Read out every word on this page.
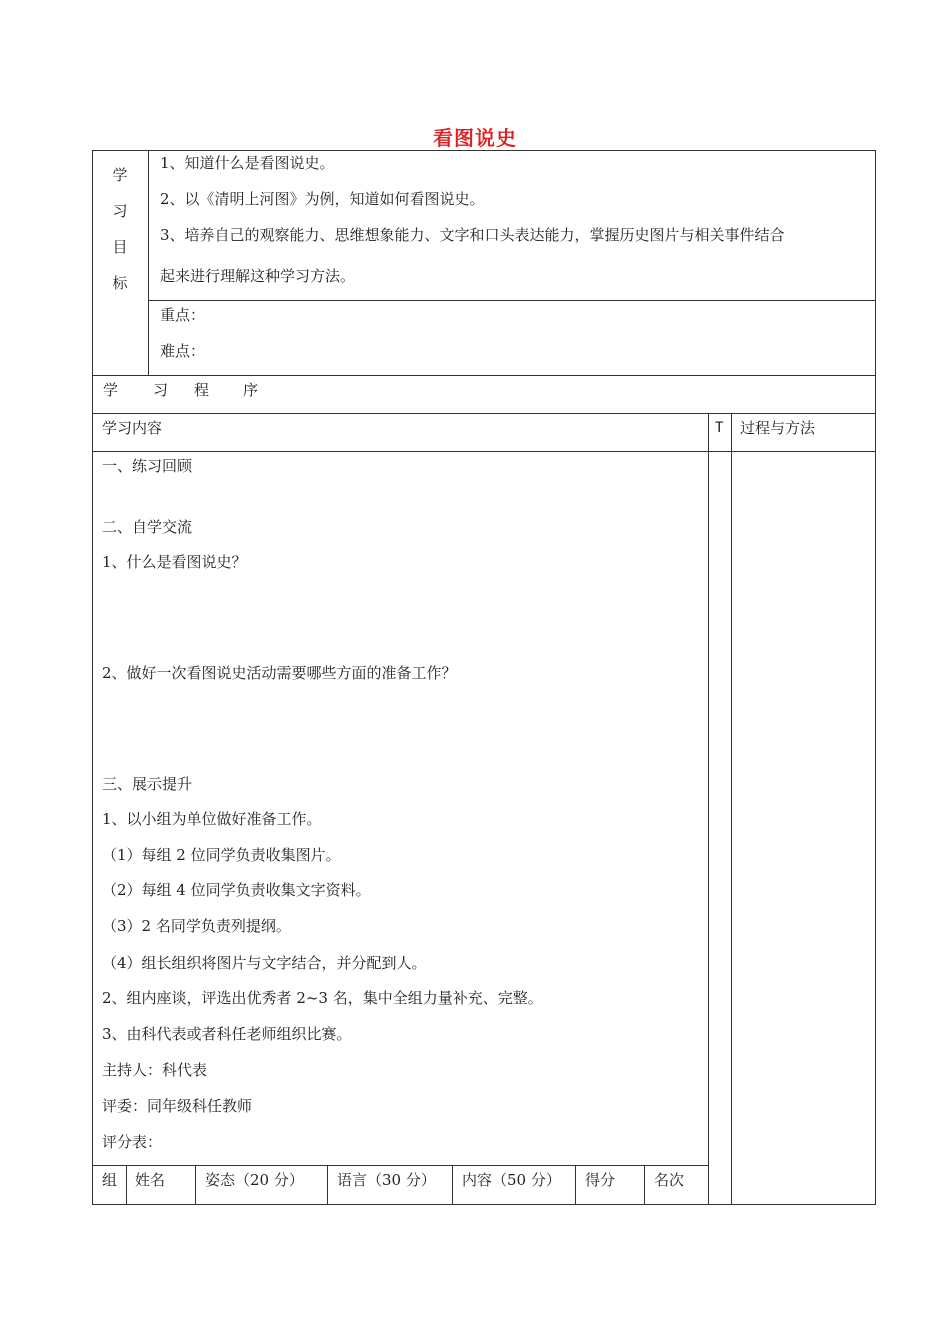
看图说史
学
习
目
标
1、知道什么是看图说史。
2、以《清明上河图》为例，知道如何看图说史。
3、培养自己的观察能力、思维想象能力、文字和口头表达能力，掌握历史图片与相关事件结合
起来进行理解这种学习方法。
重点：
难点：
学 习 程 序
学习内容	T 过程与方法
一、练习回顾
二、自学交流
1、什么是看图说史？
2、做好一次看图说史活动需要哪些方面的准备工作？
三、展示提升
1、以小组为单位做好准备工作。
（1）每组 2 位同学负责收集图片。
（2）每组 4 位同学负责收集文字资料。
（3）2 名同学负责列提纲。
（4）组长组织将图片与文字结合，并分配到人。
2、组内座谈，评选出优秀者 2~3 名，集中全组力量补充、完整。
3、由科代表或者科任老师组织比赛。
主持人：科代表
评委：同年级科任教师
评分表：
组 姓名	姿态（20 分） 语言（30 分） 内容（50 分） 得分	名次
